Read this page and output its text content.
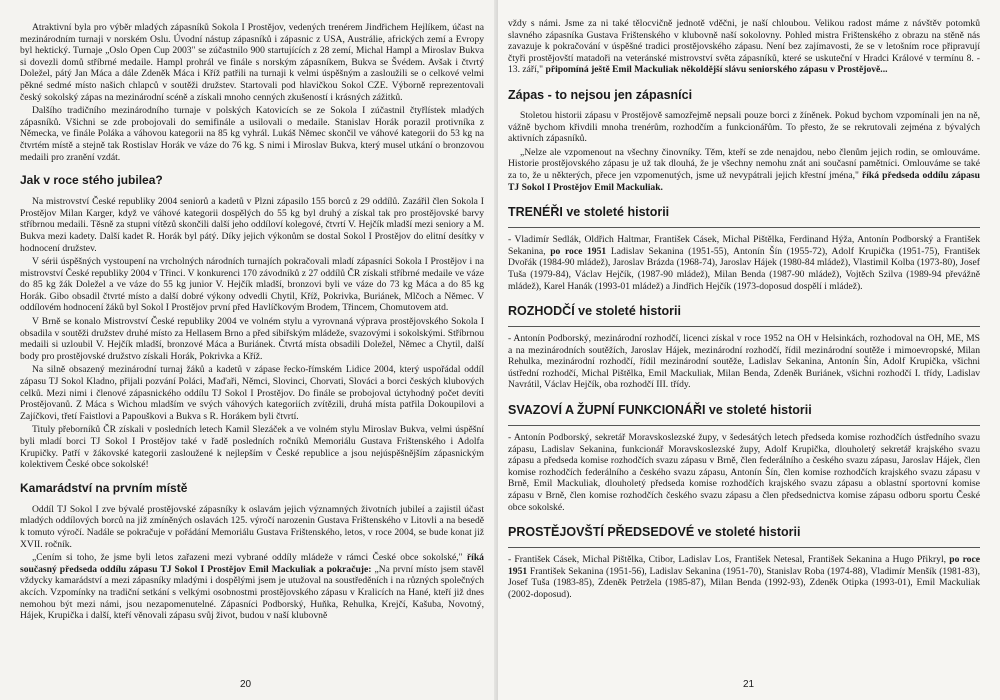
Atraktivní byla pro výběr mladých zápasníků Sokola I Prostějov, vedených trenérem Jindřichem Hejlíkem, účast na mezinárodním turnaji v norském Oslu. Úvodní nástup zápasníků i zápasnic z USA, Austrálie, afrických zemí a Evropy byl hektický. Turnaje „Oslo Open Cup 2003" se zúčastnilo 900 startujících z 28 zemí, Michal Hampl a Miroslav Bukva si dovezli domů stříbrné medaile. Hampl prohrál ve finále s norským zápasníkem, Bukva se Švédem. Avšak i čtvrtý Doležel, pátý Jan Máca a dále Zdeněk Máca i Kříž patřili na turnaji k velmi úspěšným a zasloužili se o celkové velmi pěkné sedmé místo našich chlapců v soutěži družstev. Startovali pod hlavičkou Sokol CZE. Výborně reprezentovali český sokolský zápas na mezinárodní scéně a získali mnoho cenných zkušeností i krásných zážitků.

Dalšího tradičního mezinárodního turnaje v polských Katovicích se ze Sokola I zúčastnil čtyřlístek mladých zápasníků. Všichni se zde probojovali do semifinále a usilovali o medaile. Stanislav Horák porazil protivníka z Německa, ve finále Poláka a váhovou kategorii na 85 kg vyhrál. Lukáš Němec skončil ve váhové kategorii do 53 kg na čtvrtém místě a stejně tak Rostislav Horák ve váze do 76 kg. S nimi i Miroslav Bukva, který musel utkání o bronzovou medaili pro zranění vzdát.

Jak v roce stého jubilea?

Na mistrovství České republiky 2004 seniorů a kadetů v Plzni zápasilo 155 borců z 29 oddílů. Zazářil člen Sokola I Prostějov Milan Karger, když ve váhové kategorii dospělých do 55 kg byl druhý a získal tak pro prostějovské barvy stříbrnou medaili. Těsně za stupni vítězů skončili další jeho oddíloví kolegové, čtvrtí V. Hejčík mladší mezi seniory a M. Bukva mezi kadety. Další kadet R. Horák byl pátý. Díky jejich výkonům se dostal Sokol I Prostějov do elitní desítky v hodnocení družstev.

V sérii úspěšných vystoupení na vrcholných národních turnajích pokračovali mladí zápasníci Sokola I Prostějov i na mistrovství České republiky 2004 v Třinci. V konkurenci 170 závodníků z 27 oddílů ČR získali stříbrné medaile ve váze do 85 kg žák Doležel a ve váze do 55 kg junior V. Hejčík mladší, bronzovi byli ve váze do 73 kg Máca a do 85 kg Horák. Gibo obsadil čtvrté místo a další dobré výkony odvedli Chytil, Kříž, Pokrivka, Buriánek, Mlčoch a Němec. V oddílovém hodnocení žáků byl Sokol I Prostějov první před Havlíčkovým Brodem, Třincem, Chomutovem atd.

V Brně se konalo Mistrovství České republiky 2004 ve volném stylu a vyrovnaná výprava prostějovského Sokola I obsadila v soutěži družstev druhé místo za Hellasem Brno a před sibiřským mládeže, svazovými i sokolskými. Stříbrnou medaili si uzloubil V. Hejčík mladší, bronzové Máca a Buriánek. Čtvrtá místa obsadili Doležel, Němec a Chytil, další body pro prostějovské družstvo získali Horák, Pokrivka a Kříž.

Na silně obsazený mezinárodní turnaj žáků a kadetů v zápase řecko-římském Lidice 2004, který uspořádal oddíl zápasu TJ Sokol Kladno, přijali pozvání Poláci, Maďaři, Němci, Slovinci, Chorvati, Slováci a borci českých klubových celků. Mezi nimi i členové zápasnického oddílu TJ Sokol I Prostějov. Do finále se probojoval úctyhodný počet devíti Prostějovanů. Z Máca s Wichou mladším ve svých váhových kategoriích zvítězili, druhá místa patřila Dokoupilovi a Zajíčkovi, třetí Faistlovi a Papouškovi a Bukva s R. Horákem byli čtvrtí.

Tituly přeborníků ČR získali v posledních letech Kamil Slezáček a ve volném stylu Miroslav Bukva, velmi úspěšní byli mladí borci TJ Sokol I Prostějov také v řadě posledních ročníků Memoriálu Gustava Frištenského i Adolfa Krupičky. Patří v žákovské kategorii zasloužené k nejlepším v České republice a jsou nejúspěšnějším zápasnickým kolektivem České obce sokolské!

Kamarádství na prvním místě

Oddíl TJ Sokol I zve bývalé prostějovské zápasníky k oslavám jejich významných životních jubileí a zajistil účast mladých oddílových borců na již zmíněných oslavách 125. výročí narozenin Gustava Frištenského v Litovli a na besedě k tomuto výročí. Nadále se pokračuje v pořádání Memoriálu Gustava Frištenského, letos, v roce 2004, se bude konat již XVII. ročník.

„Cením si toho, že jsme byli letos zařazeni mezi vybrané oddíly mládeže v rámci České obce sokolské," říká současný předseda oddílu zápasu TJ Sokol I Prostějov Emil Mackuliak a pokračuje: „Na první místo jsem stavěl vždycky kamarádství a mezi zápasníky mladými i dospělými jsem je utužoval na soustředěních i na různých společných akcích. Vzpomínky na tradiční setkání s velkými osobnostmi prostějovského zápasu v Kralicích na Hané, kteří již dnes nemohou být mezi námi, jsou nezapomenutelné. Zápasníci Podborský, Huňka, Rehulka, Krejčí, Kašuba, Novotný, Hájek, Krupička i další, kteří věnovali zápasu svůj život, budou v naší klubovně

20

vždy s námi. Jsme za ni také tělocvičně jednotě vděčni, je naší chloubou. Velikou radost máme z návštěv potomků slavného zápasníka Gustava Frištenského v klubovně naší sokolovny. Pohled mistra Frištenského z obrazu na stěně nás zavazuje k pokračování v úspěšné tradici prostějovského zápasu. Není bez zajímavosti, že se v letošním roce připravují čtyři prostějovští matadoři na veteránské mistrovství světa zápasníků, které se uskuteční v Hradci Králové v termínu 8. - 13. září," připomíná ještě Emil Mackuliak několdější slávu seniorského zápasu v Prostějově...

Zápas - to nejsou jen zápasníci

Stoletou historii zápasu v Prostějově samozřejmě nepsali pouze borci z žíněnek. Pokud bychom vzpomínali jen na ně, vážně bychom křivdili mnoha trenérům, rozhodčím a funkcionářům. To přesto, že se rekrutovali zejména z bývalých aktivních zápasníků.

„Nelze ale vzpomenout na všechny činovníky. Těm, kteří se zde nenajdou, nebo členům jejich rodin, se omlouváme. Historie prostějovského zápasu je už tak dlouhá, že je všechny nemohu znát ani současní pamětníci. Omlouváme se také za to, že u některých, přece jen vzpomenutých, jsme už nevypátrali jejich křestní jména," říká předseda oddílu zápasu TJ Sokol I Prostějov Emil Mackuliak.

TRENÉŘI ve stoleté historii

- Vladimír Sedlák, Oldřich Haltmar, František Cásek, Michal Pištělka, Ferdinand Hýža, Antonín Podborský a František Sekanina, po roce 1951 Ladislav Sekanina (1951-55), Antonín Šín (1955-72), Adolf Krupička (1951-75), František Dvořák (1984-90 mládež), Jaroslav Brázda (1968-74), Jaroslav Hájek (1980-84 mládež), Vlastimil Kolba (1973-80), Josef Tuša (1979-84), Václav Hejčík, (1987-90 mládež), Milan Benda (1987-90 mládež), Vojtěch Szilva (1989-94 převážně mládež), Karel Hanák (1993-01 mládež) a Jindřich Hejčík (1973-doposud dospělí i mládež).

ROZHODČÍ ve stoleté historii

- Antonín Podborský, mezinárodní rozhodčí, licenci získal v roce 1952 na OH v Helsinkách, rozhodoval na OH, ME, MS a na mezinárodních soutěžích, Jaroslav Hájek, mezinárodní rozhodčí, řídil mezinárodní soutěže i mimoevropské, Milan Rehulka, mezinárodní rozhodčí, řídil mezinárodní soutěže, Ladislav Sekanina, Antonín Šín, Adolf Krupička, všichni ústřední rozhodčí, Michal Pištělka, Emil Mackuliak, Milan Benda, Zdeněk Buriánek, všichni rozhodčí I. třídy, Ladislav Navrátil, Václav Hejčík, oba rozhodčí III. třídy.

SVAZOVÍ A ŽUPNÍ FUNKCIONÁŘI ve stoleté historii

- Antonín Podborský, sekretář Moravskoslezské župy, v šedesátých letech předseda komise rozhodčích ústředního svazu zápasu, Ladislav Sekanina, funkcionář Moravskoslezské župy, Adolf Krupička, dlouholetý sekretář krajského svazu zápasu a předseda komise rozhodčích svazu zápasu v Brně, člen federálního a českého svazu zápasu, Jaroslav Hájek, člen komise rozhodčích federálního a českého svazu zápasu, Antonín Šín, člen komise rozhodčích krajského svazu zápasu v Brně, Emil Mackuliak, dlouholetý předseda komise rozhodčích krajského svazu zápasu a oblastní sportovní komise zápasu v Brně, člen komise rozhodčích českého svazu zápasu a člen předsednictva komise zápasu odboru sportu České obce sokolské.

PROSTĚJOVŠTÍ PŘEDSEDOVÉ ve stoleté historii

- František Cásek, Michal Pištělka, Ctibor, Ladislav Los, František Netesal, František Sekanina a Hugo Přikryl, po roce 1951 František Sekanina (1951-56), Ladislav Sekanina (1951-70), Stanislav Roba (1974-88), Vladimír Menšík (1981-83), Josef Tuša (1983-85), Zdeněk Petrželа (1985-87), Milan Benda (1992-93), Zdeněk Otipka (1993-01), Emil Mackuliak (2002-doposud).

21
